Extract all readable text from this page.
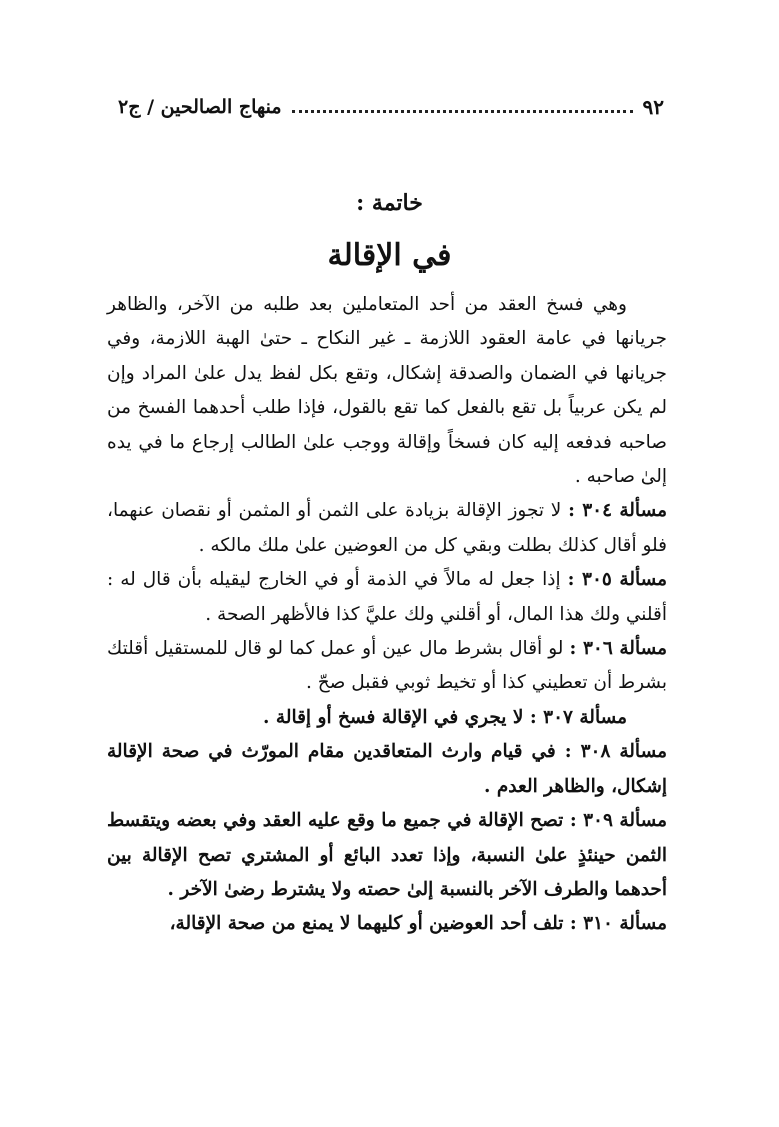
٩٢
منهاج الصالحين / ج٢
خاتمة :
في الإقالة

وهي فسخ العقد من أحد المتعاملين بعد طلبه من الآخر، والظاهر جريانها في عامة العقود اللازمة ـ غير النكاح ـ حتىٰ الهبة اللازمة، وفي جريانها في الضمان والصدقة إشكال، وتقع بكل لفظ يدل علىٰ المراد وإن لم يكن عربياً بل تقع بالفعل كما تقع بالقول، فإذا طلب أحدهما الفسخ من صاحبه فدفعه إليه كان فسخاً وإقالة ووجب علىٰ الطالب إرجاع ما في يده إلىٰ صاحبه .

مسألة ٣٠٤ : لا تجوز الإقالة بزيادة على الثمن أو المثمن أو نقصان عنهما، فلو أقال كذلك بطلت وبقي كل من العوضين علىٰ ملك مالكه .

مسألة ٣٠٥ : إذا جعل له مالاً في الذمة أو في الخارج ليقيله بأن قال له : أقلني ولك هذا المال، أو أقلني ولك عليَّ كذا فالأظهر الصحة .

مسألة ٣٠٦ : لو أقال بشرط مال عين أو عمل كما لو قال للمستقيل أقلتك بشرط أن تعطيني كذا أو تخيط ثوبي فقبل صحّ .

مسألة ٣٠٧ : لا يجري في الإقالة فسخ أو إقالة .

مسألة ٣٠٨ : في قيام وارث المتعاقدين مقام المورّث في صحة الإقالة إشكال، والظاهر العدم .

مسألة ٣٠٩ : تصح الإقالة في جميع ما وقع عليه العقد وفي بعضه ويتقسط الثمن حينئذٍ علىٰ النسبة، وإذا تعدد البائع أو المشتري تصح الإقالة بين أحدهما والطرف الآخر بالنسبة إلىٰ حصته ولا يشترط رضىٰ الآخر .

مسألة ٣١٠ : تلف أحد العوضين أو كليهما لا يمنع من صحة الإقالة،
